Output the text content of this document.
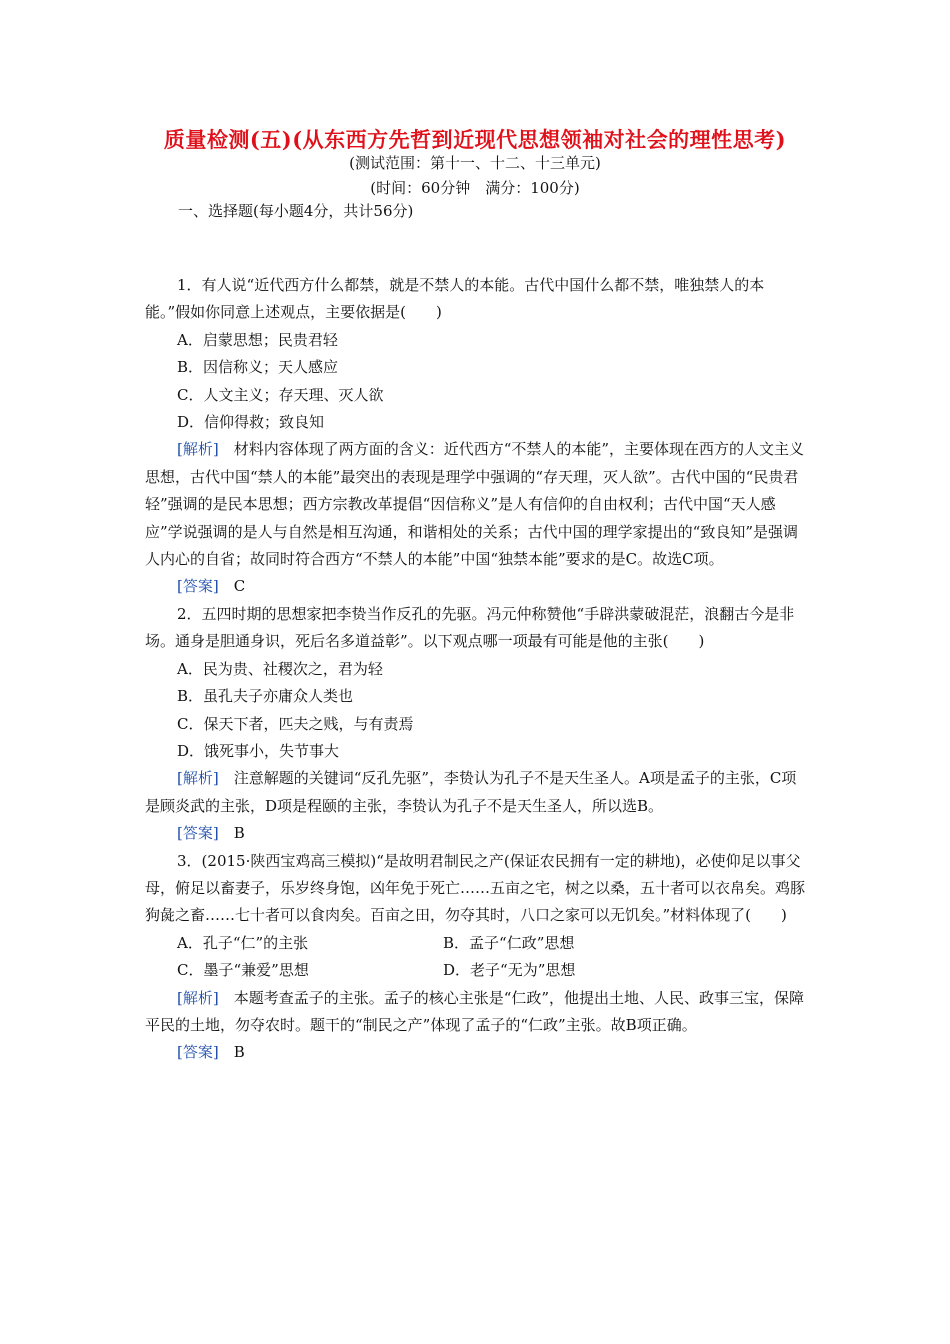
质量检测(五)(从东西方先哲到近现代思想领袖对社会的理性思考)
(测试范围：第十一、十二、十三单元)
(时间：60分钟　满分：100分)
一、选择题(每小题4分，共计56分)

1．有人说“近代西方什么都禁，就是不禁人的本能。古代中国什么都不禁，唯独禁人的本能。”假如你同意上述观点，主要依据是(　　)

A．启蒙思想；民贵君轻

B．因信称义；天人感应

C．人文主义；存天理、灭人欲

D．信仰得救；致良知

[解析]　材料内容体现了两方面的含义：近代西方“不禁人的本能”，主要体现在西方的人文主义思想，古代中国“禁人的本能”最突出的表现是理学中强调的“存天理，灭人欲”。古代中国的“民贵君轻”强调的是民本思想；西方宗教改革提倡“因信称义”是人有信仰的自由权利；古代中国“天人感应”学说强调的是人与自然是相互沟通，和谐相处的关系；古代中国的理学家提出的“致良知”是强调人内心的自省；故同时符合西方“不禁人的本能”中国“独禁本能”要求的是C。故选C项。

[答案]　C

2．五四时期的思想家把李贽当作反孔的先驱。冯元仲称赞他“手辟洪蒙破混茫，浪翻古今是非场。通身是胆通身识，死后名多道益彰”。以下观点哪一项最有可能是他的主张(　　)

A．民为贵、社稷次之，君为轻

B．虽孔夫子亦庸众人类也

C．保天下者，匹夫之贱，与有责焉

D．饿死事小，失节事大

[解析]　注意解题的关键词“反孔先驱”，李贽认为孔子不是天生圣人。A项是孟子的主张，C项是顾炎武的主张，D项是程颐的主张，李贽认为孔子不是天生圣人，所以选B。

[答案]　B

3．(2015·陕西宝鸡高三模拟)“是故明君制民之产(保证农民拥有一定的耕地)，必使仰足以事父母，俯足以畜妻子，乐岁终身饱，凶年免于死亡……五亩之宅，树之以桑，五十者可以衣帛矣。鸡豚狗彘之畜……七十者可以食肉矣。百亩之田，勿夺其时，八口之家可以无饥矣。”材料体现了(　　)

A．孔子“仁”的主张	B．孟子“仁政”思想
C．墨子“兼爱”思想	D．老子“无为”思想

[解析]　本题考查孟子的主张。孟子的核心主张是“仁政”，他提出土地、人民、政事三宝，保障平民的土地，勿夺农时。题干的“制民之产”体现了孟子的“仁政”主张。故B项正确。

[答案]　B
